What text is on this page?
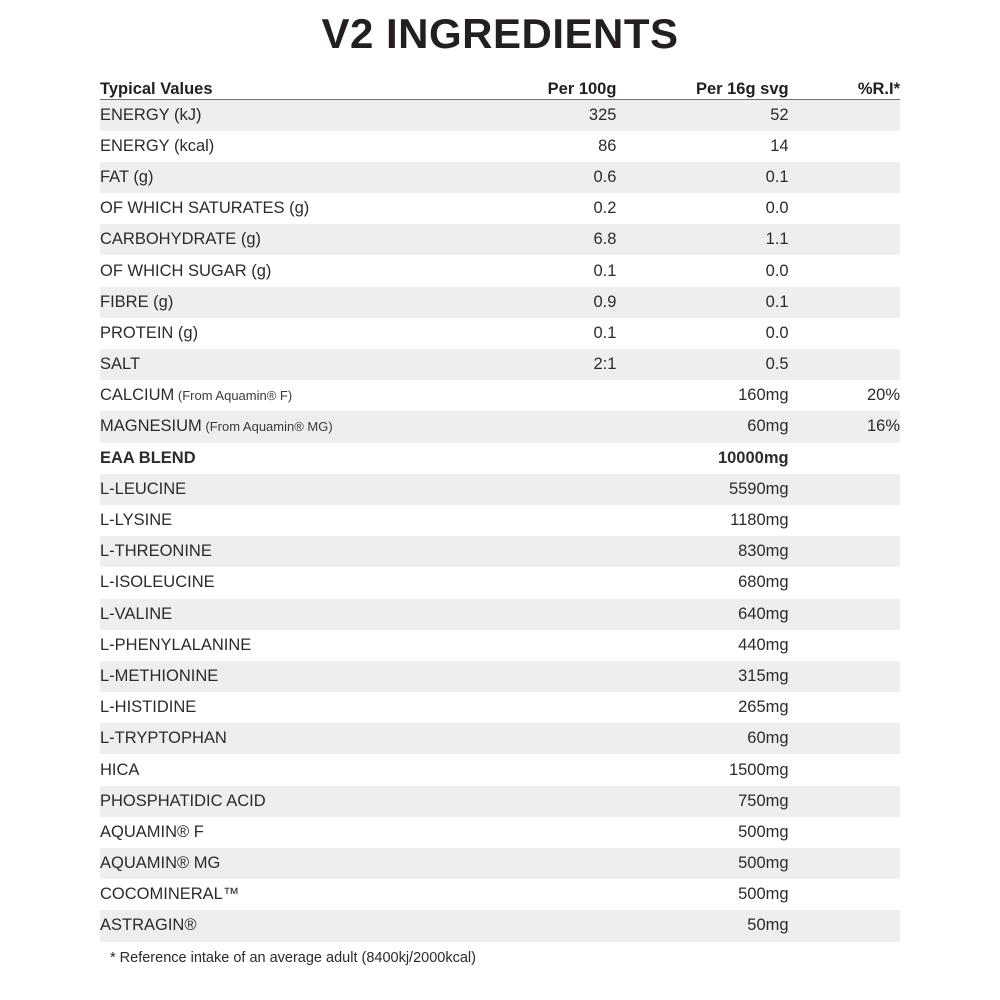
V2 INGREDIENTS
Typical Values	Per 100g	Per 16g svg	%R.I*
ENERGY (kJ)	325	52	
ENERGY (kcal)	86	14	
FAT (g)	0.6	0.1	
OF WHICH SATURATES (g)	0.2	0.0	
CARBOHYDRATE (g)	6.8	1.1	
OF WHICH SUGAR (g)	0.1	0.0	
FIBRE (g)	0.9	0.1	
PROTEIN (g)	0.1	0.0	
SALT	2:1	0.5	
CALCIUM (From Aquamin® F)		160mg	20%
MAGNESIUM (From Aquamin® MG)		60mg	16%
EAA BLEND		10000mg	
L-LEUCINE		5590mg	
L-LYSINE		1180mg	
L-THREONINE		830mg	
L-ISOLEUCINE		680mg	
L-VALINE		640mg	
L-PHENYLALANINE		440mg	
L-METHIONINE		315mg	
L-HISTIDINE		265mg	
L-TRYPTOPHAN		60mg	
HICA		1500mg	
PHOSPHATIDIC ACID		750mg	
AQUAMIN® F		500mg	
AQUAMIN® MG		500mg	
COCOMINERAL™		500mg	
ASTRAGIN®		50mg	
* Reference intake of an average adult (8400kj/2000kcal)
